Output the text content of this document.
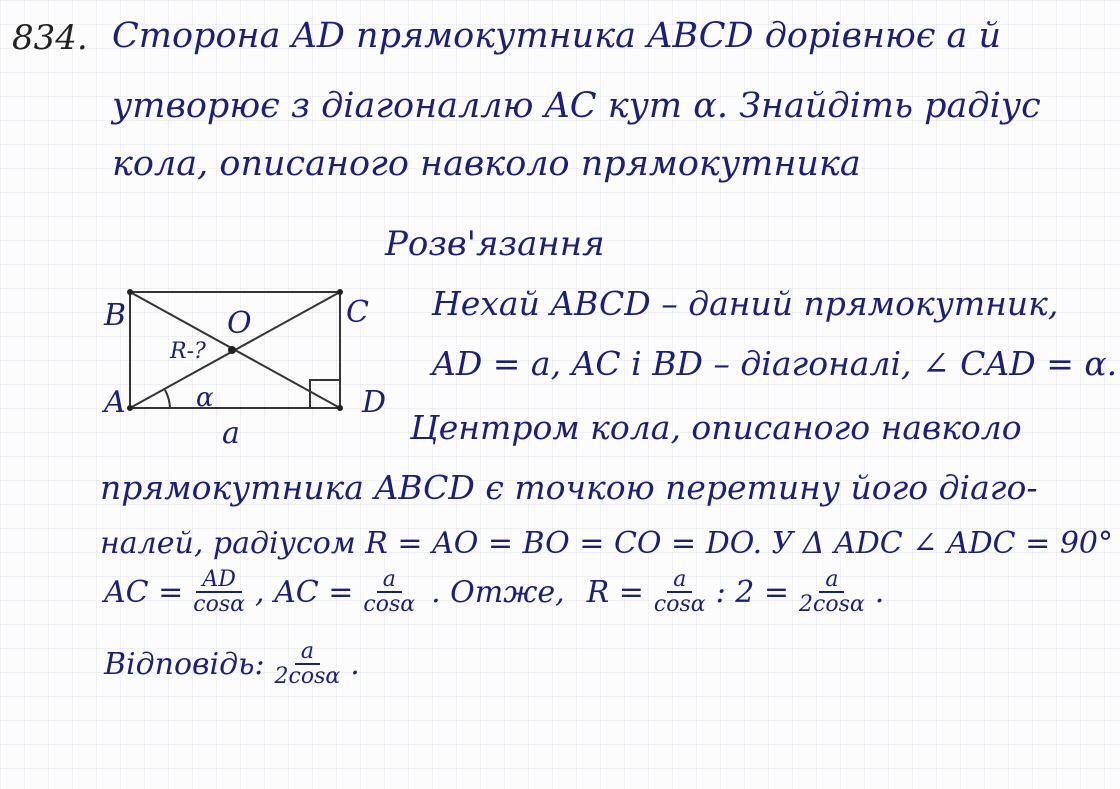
834. Сторона AD прямокутника ABCD дорівнює a й
утворює з діагоналлю AC кут α. Знайдіть радіус
кола, описаного навколо прямокутника
Розв'язання
B	C
A	D
O
R-?
α
a
Нехай ABCD – даний прямокутник,
AD = a, AC і BD – діагоналі, ∠ CAD = α.
Центром кола, описаного навколо
прямокутника ABCD є точкою перетину його діаго-
налей, радіусом R = AO = BO = CO = DO. У Δ ADC ∠ ADC = 90°
AC = $\frac{AD}{\cos\alpha}$ , AC = $\frac{a}{\cos\alpha}$ . Отже, $R = \frac{a}{\cos\alpha}$ : $2 = \frac{a}{2\cos\alpha}$ .
Відповідь: $\frac{a}{2\cos\alpha}$ .
